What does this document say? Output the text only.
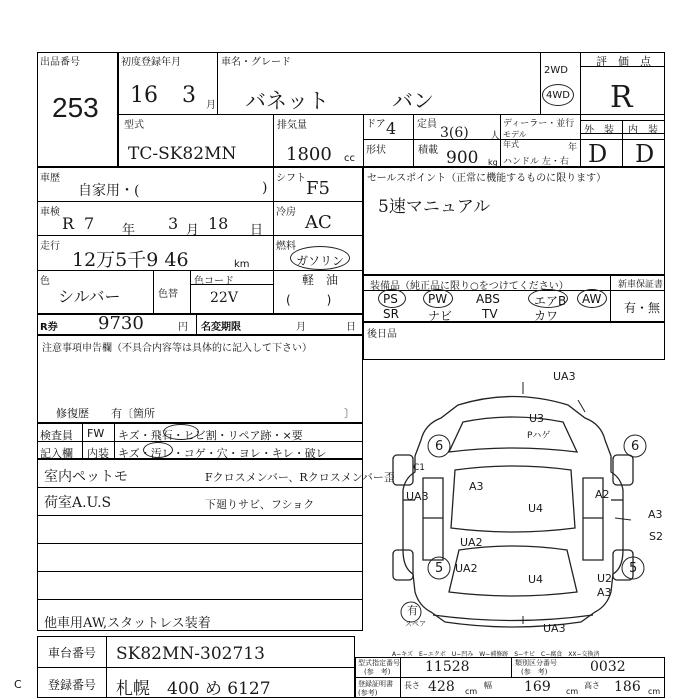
出品番号
253
初度登録年月
16 3 月
車名・グレード
バネット　　　バン
2WD
4WD
評　価　点
R
外　装 内　装
D D
型式
TC-SK82MN
排気量
1800 cc
ドア 4 定員
3(6) 人
ディーラー・並行
モデル
年式	年
形状	積載 900 kg ハンドル 左・右
車歴
自家用・(	)
シフト F5
車検
R 7 年 3 月 18 日
冷房 AC
走行
12万5千9 46	km
燃料
ガソリン
軽　油
(　　　)
色
シルバー	色替
色コード
22V
R券 9730	円 名変期限	月	日
セールスポイント（正常に機能するものに限ります）
5速マニュアル
装備品（純正品に限り○をつけてください）	新車保証書
有・無
PS	PW ABS	エアB AW
SR ナビ TV	カワ
後日品
注意事項申告欄（不具合内容等は具体的に記入して下さい）
修復歴　　有〔箇所	〕
検査員 FW キズ・飛石・ヒビ割・リペア跡・×要
記入欄 内装 キズ・汚レ・コゲ・穴・ヨレ・キレ・破レ
室内ペットモ
荷室A.U.S
他車用AW,スタットレス装着
Fクロスメンバー、Rクロスメンバー歪
下廻りサビ、フショク
UA3
U3
Pハゲ
6	6
C1
A3
A2
UA3
U4	A3
S2
UA2
UA2
U4
5	5
U2
A3
有
UA3
スペア
A−キズ　E−エクボ　U−凹み　W−補修跡　S−サビ　C−腐食　XX−交換済
車台番号 SK82MN-302713
登録番号 札幌　400 め 6127
C
型式指定番号
(参　考) 11528	類別区分番号
(参　考)	0032
登録証明書 (参考)
長さ 428 cm
幅 169 cm
高さ 186 cm
